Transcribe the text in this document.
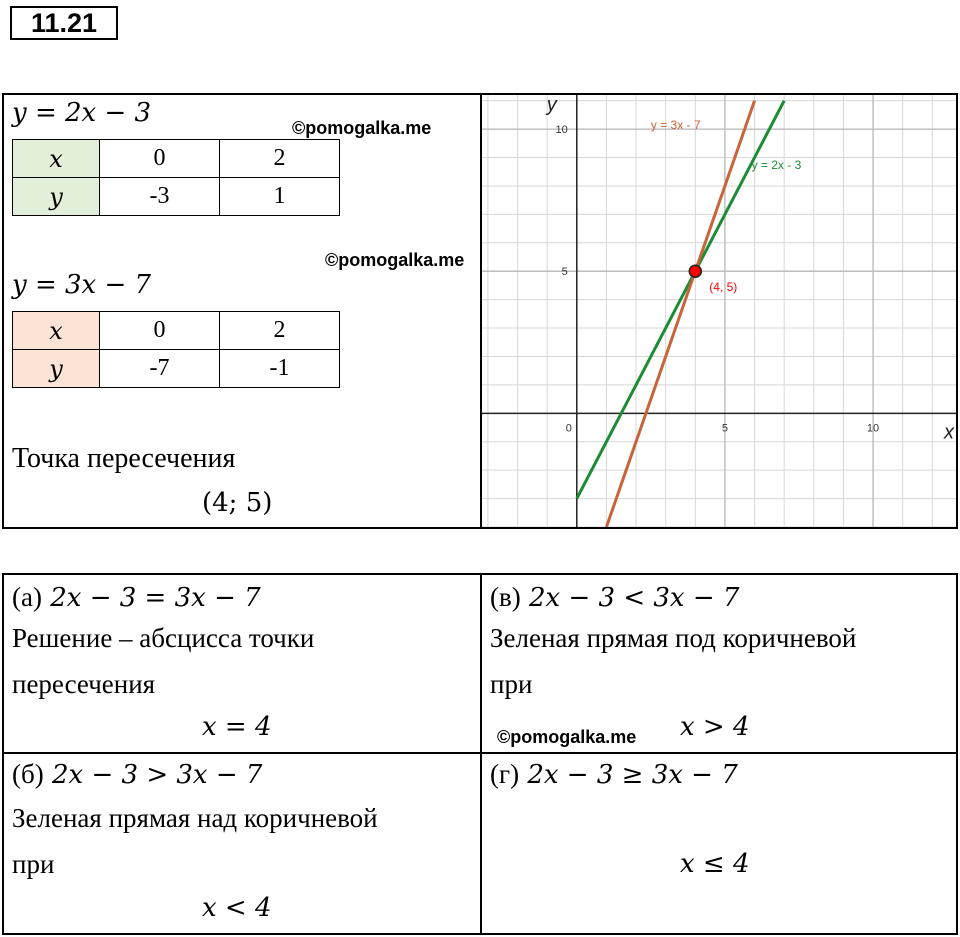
11.21
y = 2x − 3	©pomogalka.me
x	0	2
y	-3	1
©pomogalka.me
y = 3x − 7
x	0	2
y	-7	-1
Точка пересечения
(4; 5)
0	5	10
5
10
x
y
y = 2x - 3
y = 3x - 7
(4, 5)
(а) 2x − 3 = 3x − 7
Решение – абсцисса точки
пересечения
x = 4
(в) 2x − 3 < 3x − 7
Зеленая прямая под коричневой
при
©pomogalka.me x > 4
(б) 2x − 3 > 3x − 7
Зеленая прямая над коричневой
при
x < 4
(г) 2x − 3 ≥ 3x − 7
x ≤ 4
